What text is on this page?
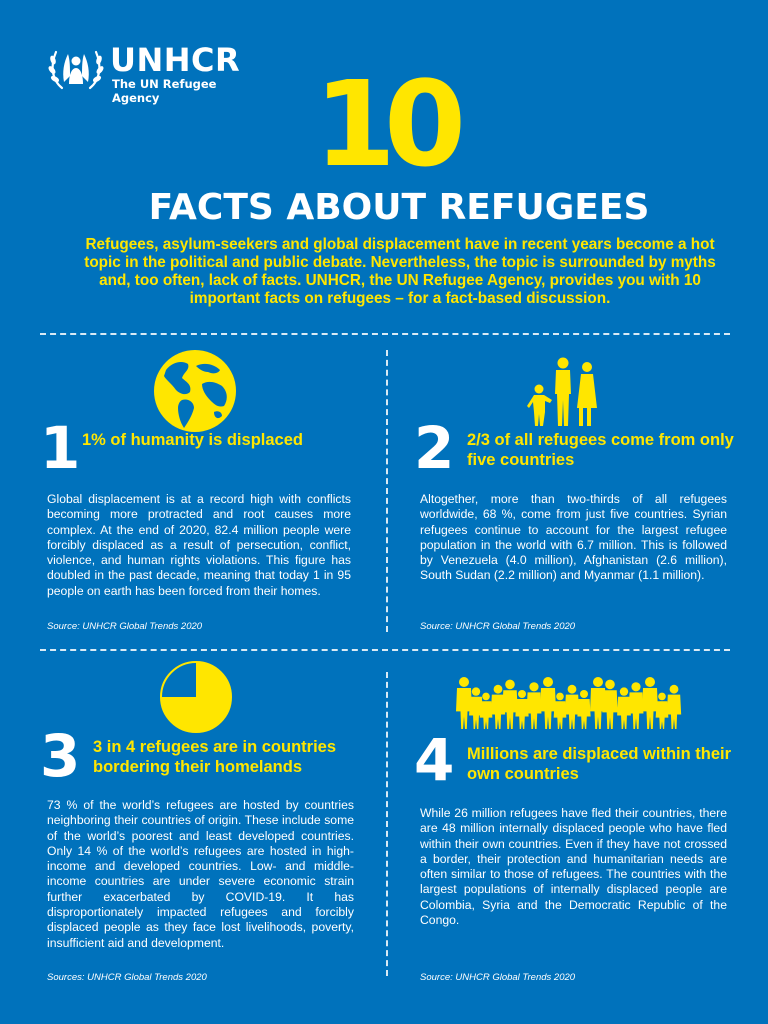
UNHCR
The UN Refugee Agency	10
FACTS ABOUT REFUGEES
Refugees, asylum-seekers and global displacement have in recent years become a hot topic in the political and public debate. Nevertheless, the topic is surrounded by myths and, too often, lack of facts. UNHCR, the UN Refugee Agency, provides you with 10 important facts on refugees – for a fact-based discussion.
1 1% of humanity is displaced
Global displacement is at a record high with conflicts becoming more protracted and root causes more complex. At the end of 2020, 82.4 million people were forcibly displaced as a result of persecution, conflict, violence, and human rights violations. This figure has doubled in the past decade, meaning that today 1 in 95 people on earth has been forced from their homes.
Source: UNHCR Global Trends 2020
2 2/3 of all refugees come from only five countries
Altogether, more than two-thirds of all refugees worldwide, 68 %, come from just five countries. Syrian refugees continue to account for the largest refugee population in the world with 6.7 million. This is followed by Venezuela (4.0 million), Afghanistan (2.6 million), South Sudan (2.2 million) and Myanmar (1.1 million).
Source: UNHCR Global Trends 2020
3 3 in 4 refugees are in countries bordering their homelands
73 % of the world’s refugees are hosted by countries neighboring their countries of origin. These include some of the world’s poorest and least developed countries. Only 14 % of the world’s refugees are hosted in high-income and developed countries. Low- and middle-income countries are under severe economic strain further exacerbated by COVID-19. It has disproportionately impacted refugees and forcibly displaced people as they face lost livelihoods, poverty, insufficient aid and development.
Sources: UNHCR Global Trends 2020
4 Millions are displaced within their own countries
While 26 million refugees have fled their countries, there are 48 million internally displaced people who have fled within their own countries. Even if they have not crossed a border, their protection and humanitarian needs are often similar to those of refugees. The countries with the largest populations of internally displaced people are Colombia, Syria and the Democratic Republic of the Congo.
Source: UNHCR Global Trends 2020
